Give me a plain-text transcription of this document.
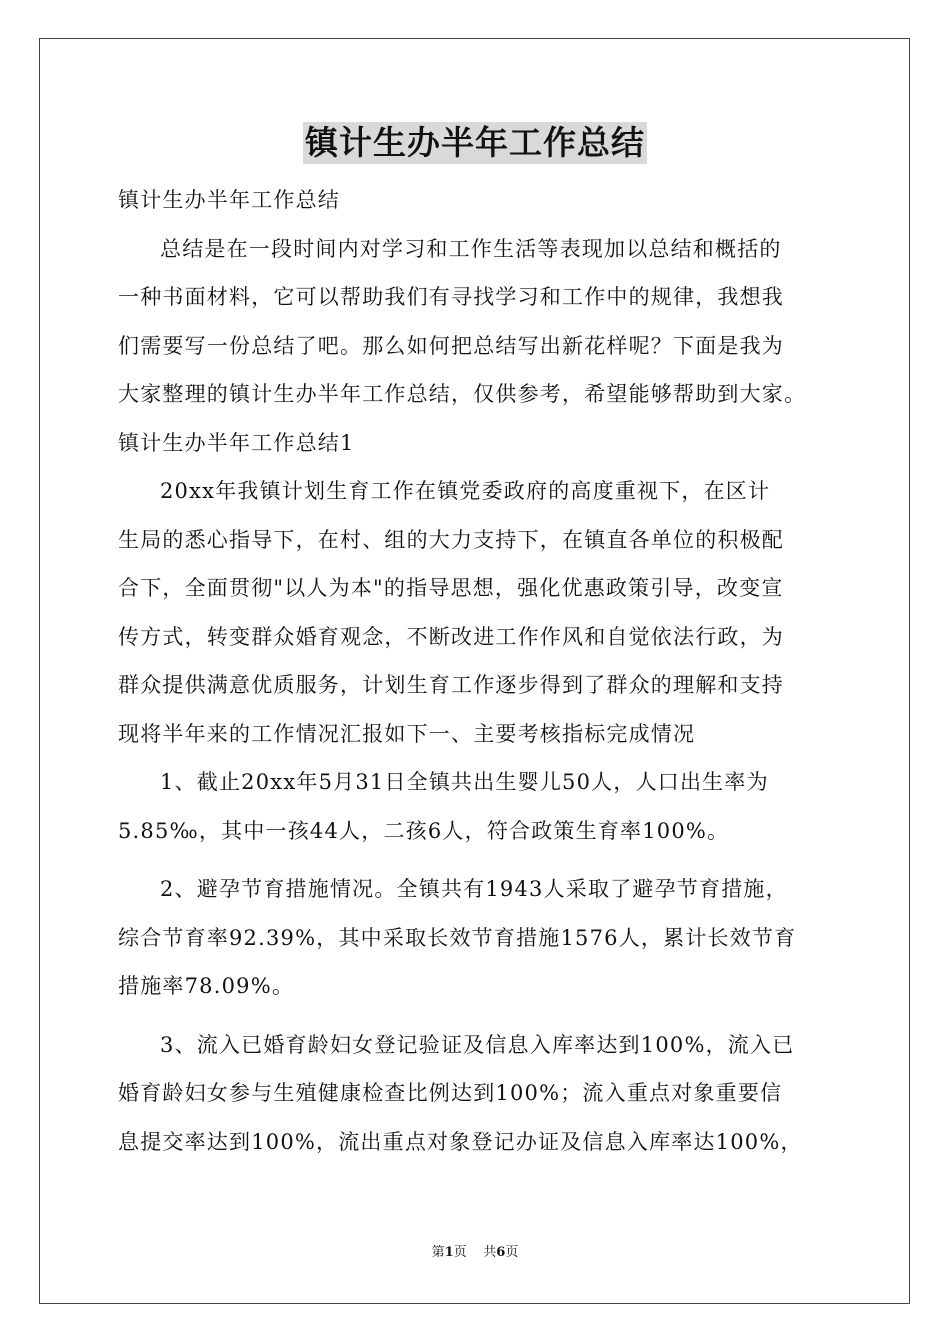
镇计生办半年工作总结
镇计生办半年工作总结
总结是在一段时间内对学习和工作生活等表现加以总结和概括的
一种书面材料，它可以帮助我们有寻找学习和工作中的规律，我想我
们需要写一份总结了吧。那么如何把总结写出新花样呢？下面是我为
大家整理的镇计生办半年工作总结，仅供参考，希望能够帮助到大家。
镇计生办半年工作总结1
20xx年我镇计划生育工作在镇党委政府的高度重视下，在区计
生局的悉心指导下，在村、组的大力支持下，在镇直各单位的积极配
合下，全面贯彻"以人为本"的指导思想，强化优惠政策引导，改变宣
传方式，转变群众婚育观念，不断改进工作作风和自觉依法行政，为
群众提供满意优质服务，计划生育工作逐步得到了群众的理解和支持
现将半年来的工作情况汇报如下一、主要考核指标完成情况
1、截止20xx年5月31日全镇共出生婴儿50人，人口出生率为
5.85‰，其中一孩44人，二孩6人，符合政策生育率100%。
2、避孕节育措施情况。全镇共有1943人采取了避孕节育措施，
综合节育率92.39%，其中采取长效节育措施1576人，累计长效节育
措施率78.09%。
3、流入已婚育龄妇女登记验证及信息入库率达到100%，流入已
婚育龄妇女参与生殖健康检查比例达到100%；流入重点对象重要信
息提交率达到100%，流出重点对象登记办证及信息入库率达100%，
第1页 共6页
